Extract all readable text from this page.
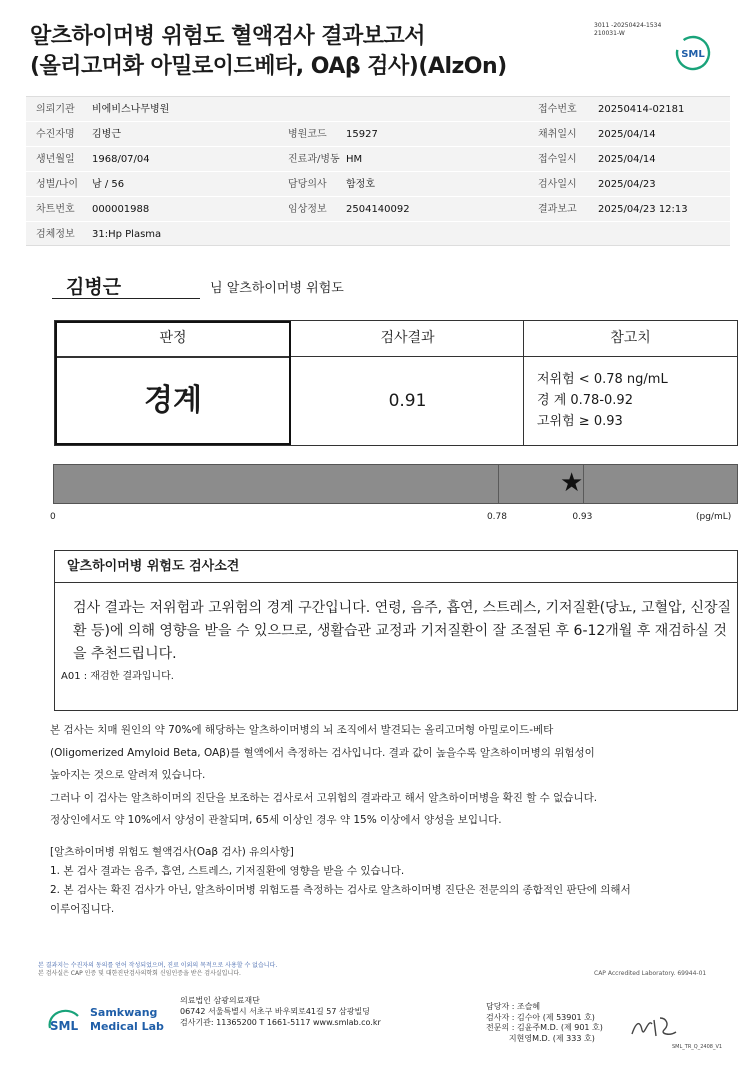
알츠하이머병 위험도 혈액검사 결과보고서
(올리고머화 아밀로이드베타, OAβ 검사)(AlzOn)
3011 -20250424-1534
210031-W
SML
의뢰기관 비에비스나무병원	접수번호 20250414-02181
수진자명 김병근	병원코드 15927	채취일시 2025/04/14
생년월일 1968/07/04	진료과/병동 HM	접수일시 2025/04/14
성별/나이 남 / 56	담당의사 함정호	검사일시 2025/04/23
차트번호 000001988	임상정보 2504140092	결과보고 2025/04/23 12:13
검체정보 31:Hp Plasma
김병근	님 알츠하이머병 위험도
판정	검사결과	참고치
경계	0.91
저위험 < 0.78 ng/mL
경 계 0.78-0.92
고위험 ≥ 0.93
★
0	0.78	0.93	(pg/mL)
알츠하이머병 위험도 검사소견
검사 결과는 저위험과 고위험의 경계 구간입니다. 연령, 음주, 흡연, 스트레스, 기저질환(당뇨, 고혈압, 신장질환 등)에 의해 영향을 받을 수 있으므로, 생활습관 교정과 기저질환이 잘 조절된 후 6-12개월 후 재검하실 것을 추천드립니다.
A01 : 재검한 결과입니다.
본 검사는 치매 원인의 약 70%에 해당하는 알츠하이머병의 뇌 조직에서 발견되는 올리고머형 아밀로이드-베타
(Oligomerized Amyloid Beta, OAβ)를 혈액에서 측정하는 검사입니다. 결과 값이 높을수록 알츠하이머병의 위험성이
높아지는 것으로 알려져 있습니다.
그러나 이 검사는 알츠하이머의 진단을 보조하는 검사로서 고위험의 결과라고 해서 알츠하이머병을 확진 할 수 없습니다.
정상인에서도 약 10%에서 양성이 관찰되며, 65세 이상인 경우 약 15% 이상에서 양성을 보입니다.
[알츠하이머병 위험도 혈액검사(Oaβ 검사) 유의사항]
1. 본 검사 결과는 음주, 흡연, 스트레스, 기저질환에 영향을 받을 수 있습니다.
2. 본 검사는 확진 검사가 아닌, 알츠하이머병 위험도를 측정하는 검사로 알츠하이머병 진단은 전문의의 종합적인 판단에 의해서
이루어집니다.
본 결과지는 수진자의 동의를 얻어 작성되었으며, 진료 이외의 목적으로 사용할 수 없습니다.
본 검사실은 CAP 인증 및 대한진단검사의학회 신임인증을 받은 검사실입니다.	CAP Accredited Laboratory. 69944-01
SML
Samkwang
Medical Lab
의료법인 삼광의료재단
06742 서울특별시 서초구 바우뫼로41길 57 삼광빌딩
검사기관: 11365200 T 1661-5117 www.smlab.co.kr
담당자 : 조슬혜
검사자 : 김수아 (제 53901 호)
전문의 : 김윤주M.D. (제 901 호)
지현영M.D. (제 333 호)
SML_TR_Q_2408_V1
